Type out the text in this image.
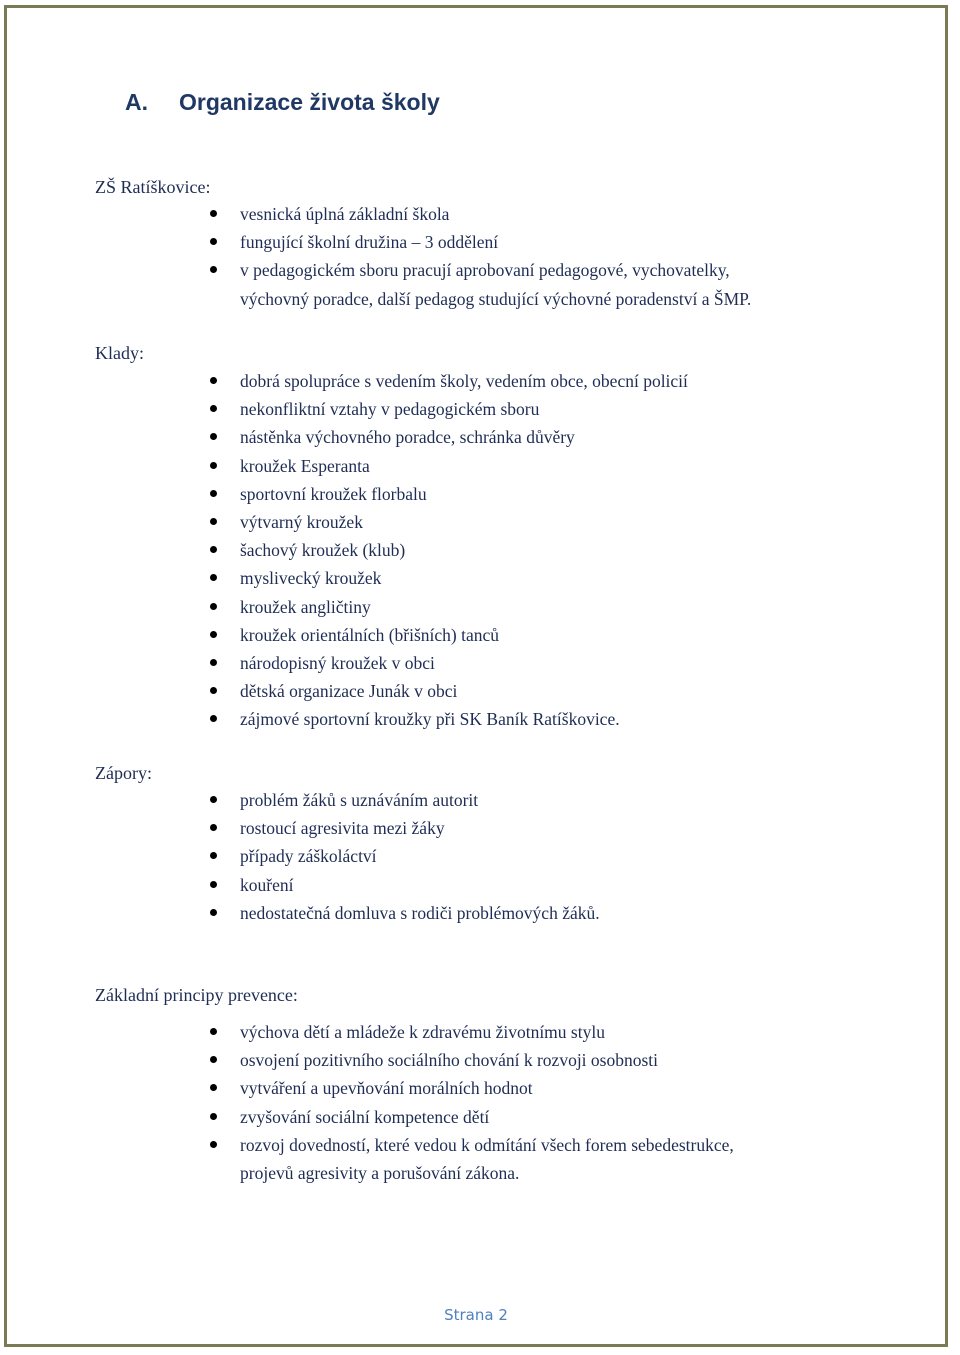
A. Organizace života školy
ZŠ Ratíškovice:
vesnická úplná základní škola
fungující školní družina – 3 oddělení
v pedagogickém sboru pracují aprobovaní pedagogové, vychovatelky,
výchovný poradce, další pedagog studující výchovné poradenství a ŠMP.
Klady:
dobrá spolupráce s vedením školy, vedením obce, obecní policií
nekonfliktní vztahy v pedagogickém sboru
nástěnka výchovného poradce, schránka důvěry
kroužek Esperanta
sportovní kroužek florbalu
výtvarný kroužek
šachový kroužek (klub)
myslivecký kroužek
kroužek angličtiny
kroužek orientálních (břišních) tanců
národopisný kroužek v obci
dětská organizace Junák v obci
zájmové sportovní kroužky při SK Baník Ratíškovice.
Zápory:
problém žáků s uznáváním autorit
rostoucí agresivita mezi žáky
případy záškoláctví
kouření
nedostatečná domluva s rodiči problémových žáků.
Základní principy prevence:
výchova dětí a mládeže k zdravému životnímu stylu
osvojení pozitivního sociálního chování k rozvoji osobnosti
vytváření a upevňování morálních hodnot
zvyšování sociální kompetence dětí
rozvoj dovedností, které vedou k odmítání všech forem sebedestrukce,
projevů agresivity a porušování zákona.
Strana 2
